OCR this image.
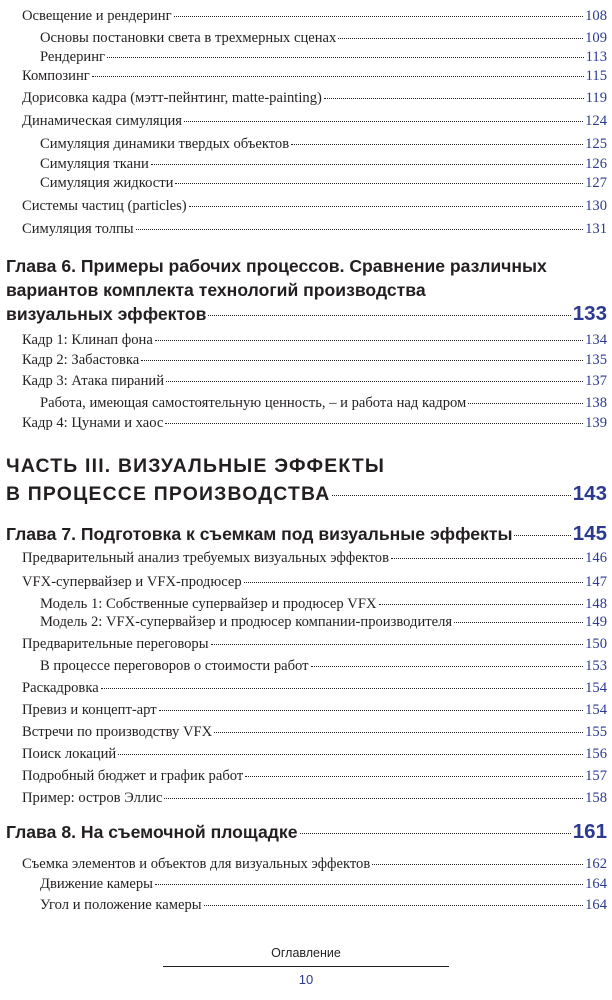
Освещение и рендеринг	108
Основы постановки света в трехмерных сценах	109
Рендеринг	113
Композинг	115
Дорисовка кадра (мэтт-пейнтинг, matte-painting)	119
Динамическая симуляция	124
Симуляция динамики твердых объектов	125
Симуляция ткани	126
Симуляция жидкости	127
Системы частиц (particles)	130
Симуляция толпы	131
Глава 6. Примеры рабочих процессов. Сравнение различных
вариантов комплекта технологий производства
визуальных эффектов	133
Кадр 1: Клинап фона	134
Кадр 2: Забастовка	135
Кадр 3: Атака пираний	137
Работа, имеющая самостоятельную ценность, – и работа над кадром	138
Кадр 4: Цунами и хаос	139
ЧАСТЬ III. ВИЗУАЛЬНЫЕ ЭФФЕКТЫ
В ПРОЦЕССЕ ПРОИЗВОДСТВА	143
Глава 7. Подготовка к съемкам под визуальные эффекты	145
Предварительный анализ требуемых визуальных эффектов	146
VFX-супервайзер и VFX-продюсер	147
Модель 1: Собственные супервайзер и продюсер VFX	148
Модель 2: VFX-супервайзер и продюсер компании-производителя	149
Предварительные переговоры	150
В процессе переговоров о стоимости работ	153
Раскадровка	154
Превиз и концепт-арт	154
Встречи по производству VFX	155
Поиск локаций	156
Подробный бюджет и график работ	157
Пример: остров Эллис	158
Глава 8. На съемочной площадке	161
Съемка элементов и объектов для визуальных эффектов	162
Движение камеры	164
Угол и положение камеры	164
Оглавление
10
